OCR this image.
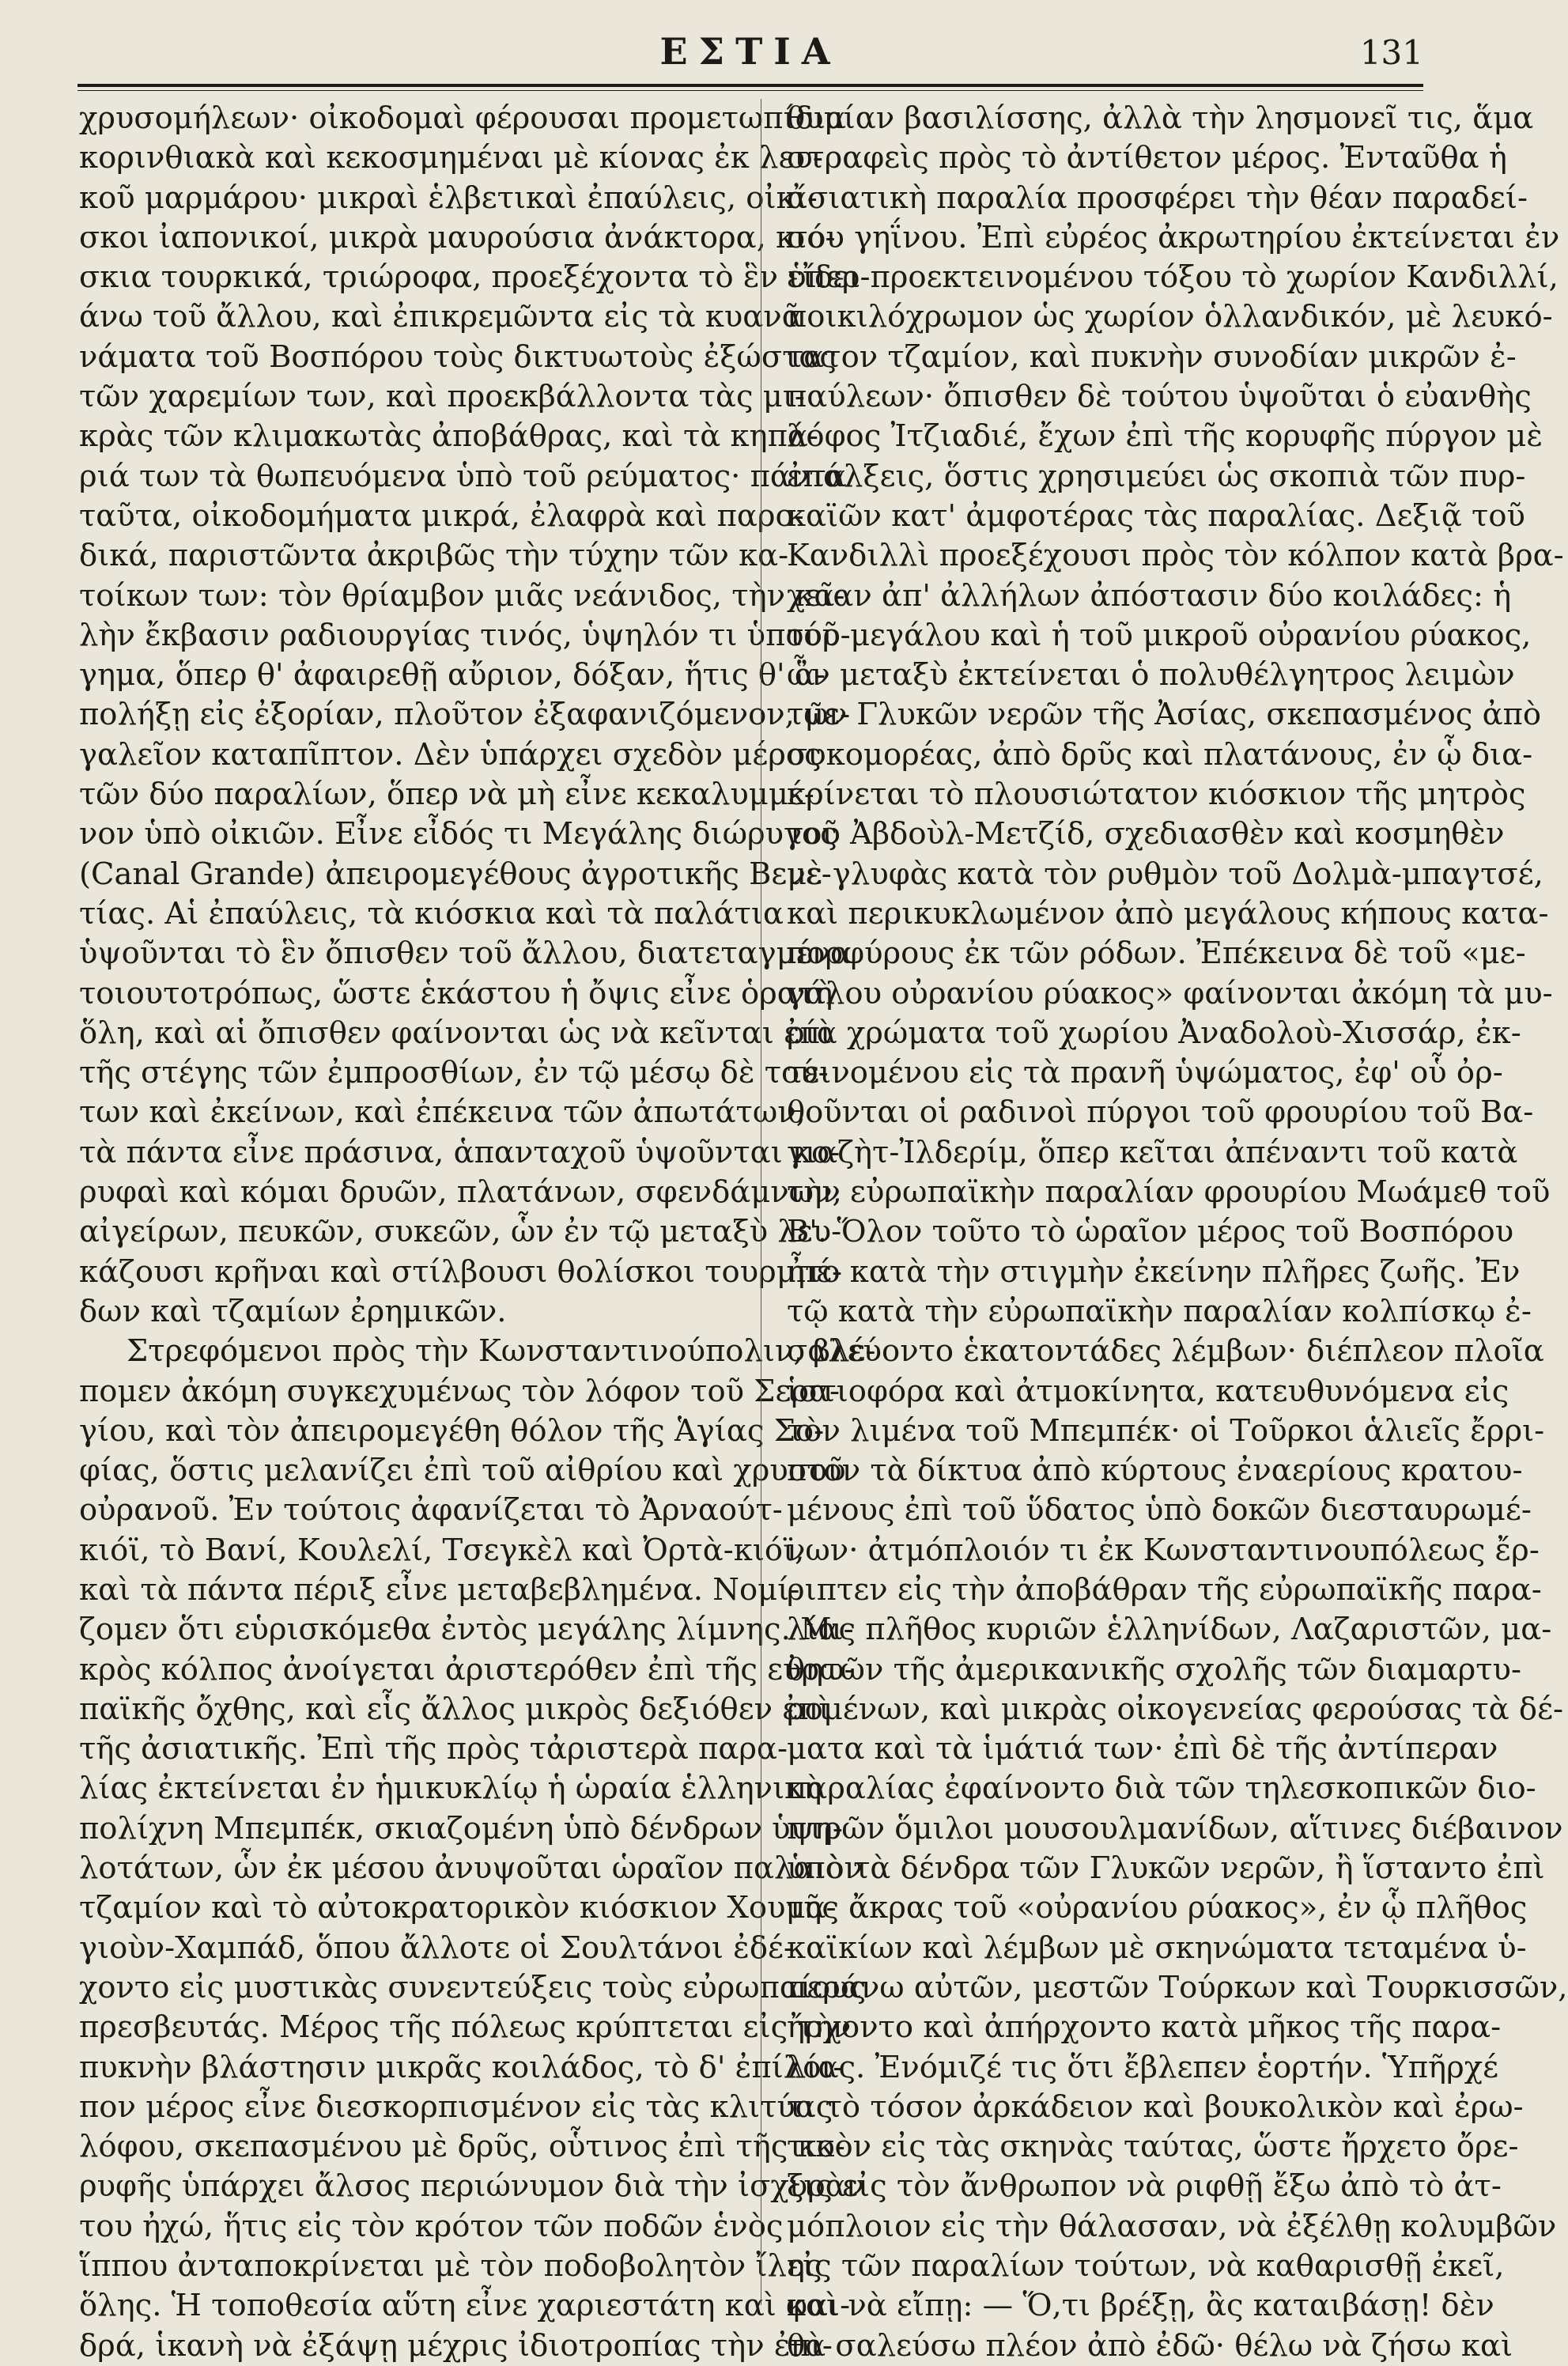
ΕΣΤΙΑ	131
χρυσομήλεων· οἰκοδομαὶ φέρουσαι προμετωπίδια
κορινθιακὰ καὶ κεκοσμημέναι μὲ κίονας ἐκ λευ-
κοῦ μαρμάρου· μικραὶ ἑλβετικαὶ ἐπαύλεις, οἰκί-
σκοι ἰαπονικοί, μικρὰ μαυρούσια ἀνάκτορα, κιό-
σκια τουρκικά, τριώροφα, προεξέχοντα τὸ ἓν ὑπερ-
άνω τοῦ ἄλλου, καὶ ἐπικρεμῶντα εἰς τὰ κυανᾶ
νάματα τοῦ Βοσπόρου τοὺς δικτυωτοὺς ἐξώστας
τῶν χαρεμίων των, καὶ προεκβάλλοντα τὰς μι-
κρὰς τῶν κλιμακωτὰς ἀποβάθρας, καὶ τὰ κηπά-
ριά των τὰ θωπευόμενα ὑπὸ τοῦ ρεύματος· πάντα
ταῦτα, οἰκοδομήματα μικρά, ἐλαφρὰ καὶ παρο-
δικά, παριστῶντα ἀκριβῶς τὴν τύχην τῶν κα-
τοίκων των: τὸν θρίαμβον μιᾶς νεάνιδος, τὴν κα-
λὴν ἔκβασιν ραδιουργίας τινός, ὑψηλόν τι ὑπούρ-
γημα, ὅπερ θ' ἀφαιρεθῇ αὔριον, δόξαν, ἥτις θ' ἀ-
πολήξῃ εἰς ἐξορίαν, πλοῦτον ἐξαφανιζόμενον, με-
γαλεῖον καταπῖπτον. Δὲν ὑπάρχει σχεδὸν μέρος
τῶν δύο παραλίων, ὅπερ νὰ μὴ εἶνε κεκαλυμμέ-
νον ὑπὸ οἰκιῶν. Εἶνε εἶδός τι Μεγάλης διώρυγος
(Canal Grande) ἀπειρομεγέθους ἀγροτικῆς Βενε-
τίας. Αἱ ἐπαύλεις, τὰ κιόσκια καὶ τὰ παλάτια
ὑψοῦνται τὸ ἓν ὄπισθεν τοῦ ἄλλου, διατεταγμένα
τοιουτοτρόπως, ὥστε ἑκάστου ἡ ὄψις εἶνε ὁρατὴ
ὅλη, καὶ αἱ ὄπισθεν φαίνονται ὡς νὰ κεῖνται ἐπὶ
τῆς στέγης τῶν ἐμπροσθίων, ἐν τῷ μέσῳ δὲ τού-
των καὶ ἐκείνων, καὶ ἐπέκεινα τῶν ἀπωτάτων,
τὰ πάντα εἶνε πράσινα, ἁπανταχοῦ ὑψοῦνται κο-
ρυφαὶ καὶ κόμαι δρυῶν, πλατάνων, σφενδάμνων,
αἰγείρων, πευκῶν, συκεῶν, ὧν ἐν τῷ μεταξὺ λευ-
κάζουσι κρῆναι καὶ στίλβουσι θολίσκοι τουρμπέ-
δων καὶ τζαμίων ἐρημικῶν.
Στρεφόμενοι πρὸς τὴν Κωνσταντινούπολιν, βλέ-
πομεν ἀκόμη συγκεχυμένως τὸν λόφον τοῦ Σερα-
γίου, καὶ τὸν ἀπειρομεγέθη θόλον τῆς Ἁγίας Σο-
φίας, ὅστις μελανίζει ἐπὶ τοῦ αἰθρίου καὶ χρυσοῦ
οὐρανοῦ. Ἐν τούτοις ἀφανίζεται τὸ Ἀρναούτ-
κιόϊ, τὸ Βανί, Κουλελί, Τσεγκὲλ καὶ Ὀρτὰ-κιόϊ,
καὶ τὰ πάντα πέριξ εἶνε μεταβεβλημένα. Νομί-
ζομεν ὅτι εὑρισκόμεθα ἐντὸς μεγάλης λίμνης. Μι-
κρὸς κόλπος ἀνοίγεται ἀριστερόθεν ἐπὶ τῆς εὐρω-
παϊκῆς ὄχθης, καὶ εἷς ἄλλος μικρὸς δεξιόθεν ἐπὶ
τῆς ἀσιατικῆς. Ἐπὶ τῆς πρὸς τἀριστερὰ παρα-
λίας ἐκτείνεται ἐν ἡμικυκλίῳ ἡ ὡραία ἑλληνικὴ
πολίχνη Μπεμπέκ, σκιαζομένη ὑπὸ δένδρων ὑψη-
λοτάτων, ὧν ἐκ μέσου ἀνυψοῦται ὡραῖον παλαιὸν
τζαμίον καὶ τὸ αὐτοκρατορικὸν κιόσκιον Χουμα-
γιοὺν-Χαμπάδ, ὅπου ἄλλοτε οἱ Σουλτάνοι ἐδέ-
χοντο εἰς μυστικὰς συνεντεύξεις τοὺς εὐρωπαίους
πρεσβευτάς. Μέρος τῆς πόλεως κρύπτεται εἰς τὴν
πυκνὴν βλάστησιν μικρᾶς κοιλάδος, τὸ δ' ἐπίλοι-
πον μέρος εἶνε διεσκορπισμένον εἰς τὰς κλιτύας
λόφου, σκεπασμένου μὲ δρῦς, οὗτινος ἐπὶ τῆς κο-
ρυφῆς ὑπάρχει ἄλσος περιώνυμον διὰ τὴν ἰσχυρὰν
του ἠχώ, ἥτις εἰς τὸν κρότον τῶν ποδῶν ἑνὸς
ἵππου ἀνταποκρίνεται μὲ τὸν ποδοβολητὸν ἴλης
ὅλης. Ἡ τοποθεσία αὕτη εἶνε χαριεστάτη καὶ φαι-
δρά, ἱκανὴ νὰ ἐξάψῃ μέχρις ἰδιοτροπίας τὴν ἐπι-
θυμίαν βασιλίσσης, ἀλλὰ τὴν λησμονεῖ τις, ἅμα
στραφεὶς πρὸς τὸ ἀντίθετον μέρος. Ἐνταῦθα ἡ
ἀσιατικὴ παραλία προσφέρει τὴν θέαν παραδεί-
σου γηΐνου. Ἐπὶ εὐρέος ἀκρωτηρίου ἐκτείνεται ἐν
εἴδει προεκτεινομένου τόξου τὸ χωρίον Κανδιλλί,
ποικιλόχρωμον ὡς χωρίον ὁλλανδικόν, μὲ λευκό-
τατον τζαμίον, καὶ πυκνὴν συνοδίαν μικρῶν ἐ-
παύλεων· ὄπισθεν δὲ τούτου ὑψοῦται ὁ εὐανθὴς
λόφος Ἰτζιαδιέ, ἔχων ἐπὶ τῆς κορυφῆς πύργον μὲ
ἐπάλξεις, ὅστις χρησιμεύει ὡς σκοπιὰ τῶν πυρ-
καϊῶν κατ' ἀμφοτέρας τὰς παραλίας. Δεξιᾷ τοῦ
Κανδιλλὶ προεξέχουσι πρὸς τὸν κόλπον κατὰ βρα-
χεῖαν ἀπ' ἀλλήλων ἀπόστασιν δύο κοιλάδες: ἡ
τοῦ μεγάλου καὶ ἡ τοῦ μικροῦ οὐρανίου ρύακος,
ὧν μεταξὺ ἐκτείνεται ὁ πολυθέλγητρος λειμὼν
τῶν Γλυκῶν νερῶν τῆς Ἀσίας, σκεπασμένος ἀπὸ
συκομορέας, ἀπὸ δρῦς καὶ πλατάνους, ἐν ᾧ δια-
κρίνεται τὸ πλουσιώτατον κιόσκιον τῆς μητρὸς
τοῦ Ἀβδοὺλ-Μετζίδ, σχεδιασθὲν καὶ κοσμηθὲν
μὲ γλυφὰς κατὰ τὸν ρυθμὸν τοῦ Δολμὰ-μπαγτσέ,
καὶ περικυκλωμένον ἀπὸ μεγάλους κήπους κατα-
πορφύρους ἐκ τῶν ρόδων. Ἐπέκεινα δὲ τοῦ «με-
γάλου οὐρανίου ρύακος» φαίνονται ἀκόμη τὰ μυ-
ρία χρώματα τοῦ χωρίου Ἀναδολοὺ-Χισσάρ, ἐκ-
τεινομένου εἰς τὰ πρανῆ ὑψώματος, ἐφ' οὗ ὀρ-
θοῦνται οἱ ραδινοὶ πύργοι τοῦ φρουρίου τοῦ Βα-
γιαζὴτ-Ἰλδερίμ, ὅπερ κεῖται ἀπέναντι τοῦ κατὰ
τὴν εὐρωπαϊκὴν παραλίαν φρουρίου Μωάμεθ τοῦ
Β'. Ὅλον τοῦτο τὸ ὡραῖον μέρος τοῦ Βοσπόρου
ἦτο κατὰ τὴν στιγμὴν ἐκείνην πλῆρες ζωῆς. Ἐν
τῷ κατὰ τὴν εὐρωπαϊκὴν παραλίαν κολπίσκῳ ἐ-
σαλεύοντο ἑκατοντάδες λέμβων· διέπλεον πλοῖα
ἱστιοφόρα καὶ ἀτμοκίνητα, κατευθυνόμενα εἰς
τὸν λιμένα τοῦ Μπεμπέκ· οἱ Τοῦρκοι ἁλιεῖς ἔρρι-
πτον τὰ δίκτυα ἀπὸ κύρτους ἐναερίους κρατου-
μένους ἐπὶ τοῦ ὕδατος ὑπὸ δοκῶν διεσταυρωμέ-
νων· ἀτμόπλοιόν τι ἐκ Κωνσταντινουπόλεως ἔρ-
ριπτεν εἰς τὴν ἀποβάθραν τῆς εὐρωπαϊκῆς παρα-
λίας πλῆθος κυριῶν ἑλληνίδων, Λαζαριστῶν, μα-
θητῶν τῆς ἀμερικανικῆς σχολῆς τῶν διαμαρτυ-
ρομένων, καὶ μικρὰς οἰκογενείας φερούσας τὰ δέ-
ματα καὶ τὰ ἱμάτιά των· ἐπὶ δὲ τῆς ἀντίπεραν
παραλίας ἐφαίνοντο διὰ τῶν τηλεσκοπικῶν διο-
πτρῶν ὅμιλοι μουσουλμανίδων, αἵτινες διέβαινον
ὑπὸ τὰ δένδρα τῶν Γλυκῶν νερῶν, ἢ ἵσταντο ἐπὶ
τῆς ἄκρας τοῦ «οὐρανίου ρύακος», ἐν ᾧ πλῆθος
καϊκίων καὶ λέμβων μὲ σκηνώματα τεταμένα ὑ-
περάνω αὐτῶν, μεστῶν Τούρκων καὶ Τουρκισσῶν,
ἤρχοντο καὶ ἀπήρχοντο κατὰ μῆκος τῆς παρα-
λίας. Ἐνόμιζέ τις ὅτι ἔβλεπεν ἑορτήν. Ὑπῆρχέ
τι τὸ τόσον ἀρκάδειον καὶ βουκολικὸν καὶ ἐρω-
τικὸν εἰς τὰς σκηνὰς ταύτας, ὥστε ἤρχετο ὄρε-
ξις εἰς τὸν ἄνθρωπον νὰ ριφθῇ ἔξω ἀπὸ τὸ ἀτ-
μόπλοιον εἰς τὴν θάλασσαν, νὰ ἐξέλθῃ κολυμβῶν
εἰς τῶν παραλίων τούτων, νὰ καθαρισθῇ ἐκεῖ,
καὶ νὰ εἴπῃ: — Ὅ,τι βρέξῃ, ἂς καταιβάσῃ! δὲν
θὰ σαλεύσω πλέον ἀπὸ ἐδῶ· θέλω νὰ ζήσω καὶ
